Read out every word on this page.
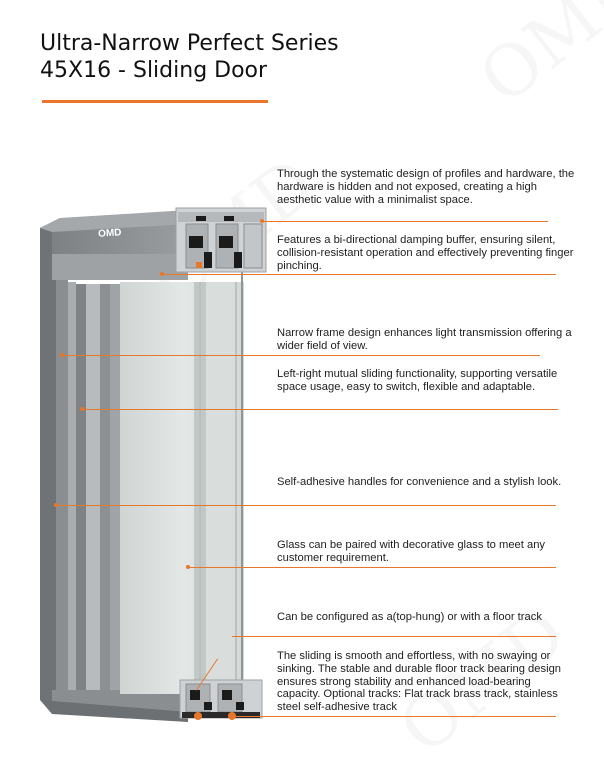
Ultra-Narrow Perfect Series
45X16 - Sliding Door
OMD

Through the systematic design of profiles and hardware, the hardware is hidden and not exposed, creating a high aesthetic value with a minimalist space.

Features a bi-directional damping buffer, ensuring silent, collision-resistant operation and effectively preventing finger pinching.

Narrow frame design enhances light transmission offering a wider field of view.

Left-right mutual sliding functionality, supporting versatile space usage, easy to switch, flexible and adaptable.

Self-adhesive handles for convenience and a stylish look.

Glass can be paired with decorative glass to meet any customer requirement.

Can be configured as a(top-hung) or with a floor track

The sliding is smooth and effortless, with no swaying or sinking. The stable and durable floor track bearing design ensures strong stability and enhanced load-bearing capacity. Optional tracks: Flat track brass track, stainless steel self-adhesive track
